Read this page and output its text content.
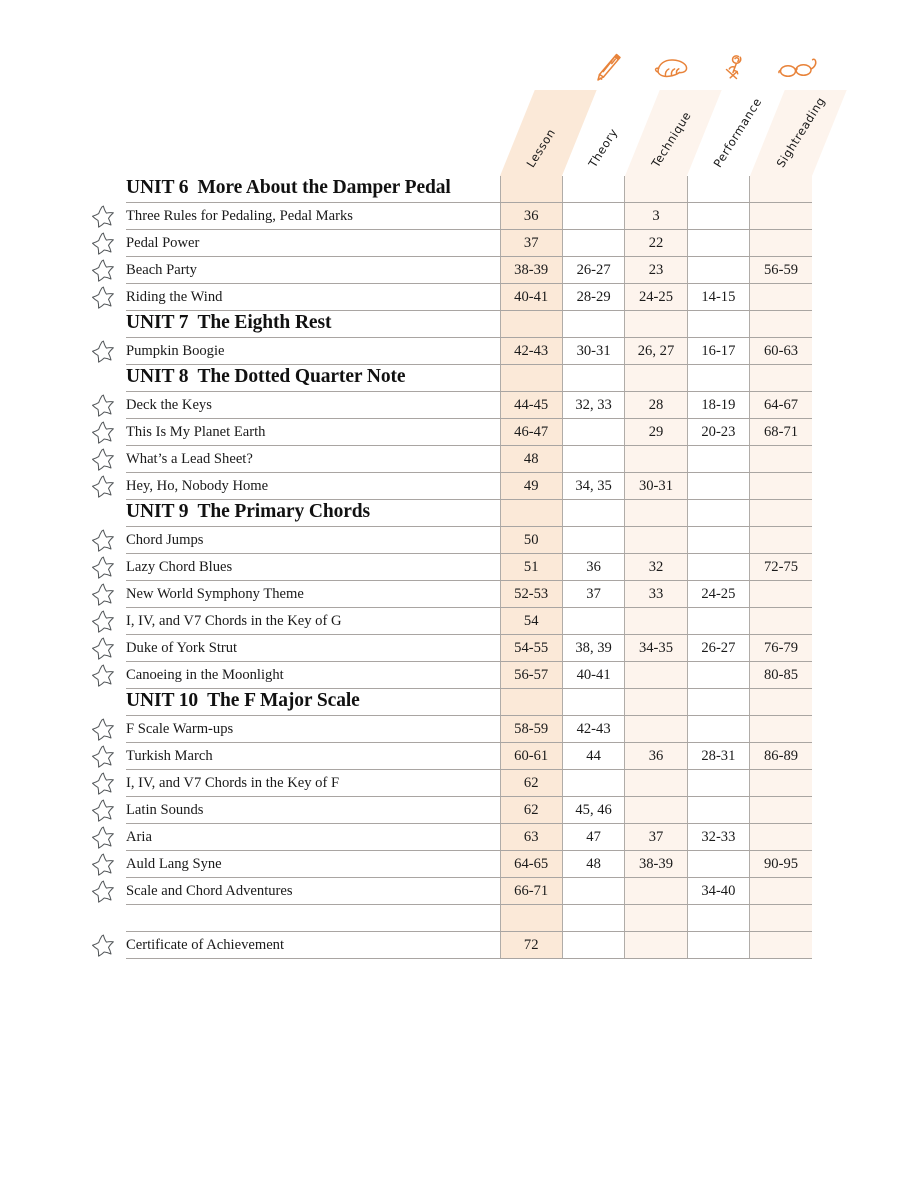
Lesson Theory Technique Performance Sightreading
UNIT 6 More About the Damper Pedal					
Three Rules for Pedaling, Pedal Marks	36		3		
Pedal Power	37		22		
Beach Party	38-39	26-27	23		56-59
Riding the Wind	40-41	28-29	24-25	14-15	
UNIT 7 The Eighth Rest					
Pumpkin Boogie	42-43	30-31	26, 27	16-17	60-63
UNIT 8 The Dotted Quarter Note					
Deck the Keys	44-45	32, 33	28	18-19	64-67
This Is My Planet Earth	46-47		29	20-23	68-71
What’s a Lead Sheet?	48				
Hey, Ho, Nobody Home	49	34, 35	30-31		
UNIT 9 The Primary Chords					
Chord Jumps	50				
Lazy Chord Blues	51	36	32		72-75
New World Symphony Theme	52-53	37	33	24-25	
I, IV, and V7 Chords in the Key of G	54				
Duke of York Strut	54-55	38, 39	34-35	26-27	76-79
Canoeing in the Moonlight	56-57	40-41			80-85
UNIT 10 The F Major Scale					
F Scale Warm-ups	58-59	42-43			
Turkish March	60-61	44	36	28-31	86-89
I, IV, and V7 Chords in the Key of F	62				
Latin Sounds	62	45, 46			
Aria	63	47	37	32-33	
Auld Lang Syne	64-65	48	38-39		90-95
Scale and Chord Adventures	66-71			34-40	

Certificate of Achievement	72				
